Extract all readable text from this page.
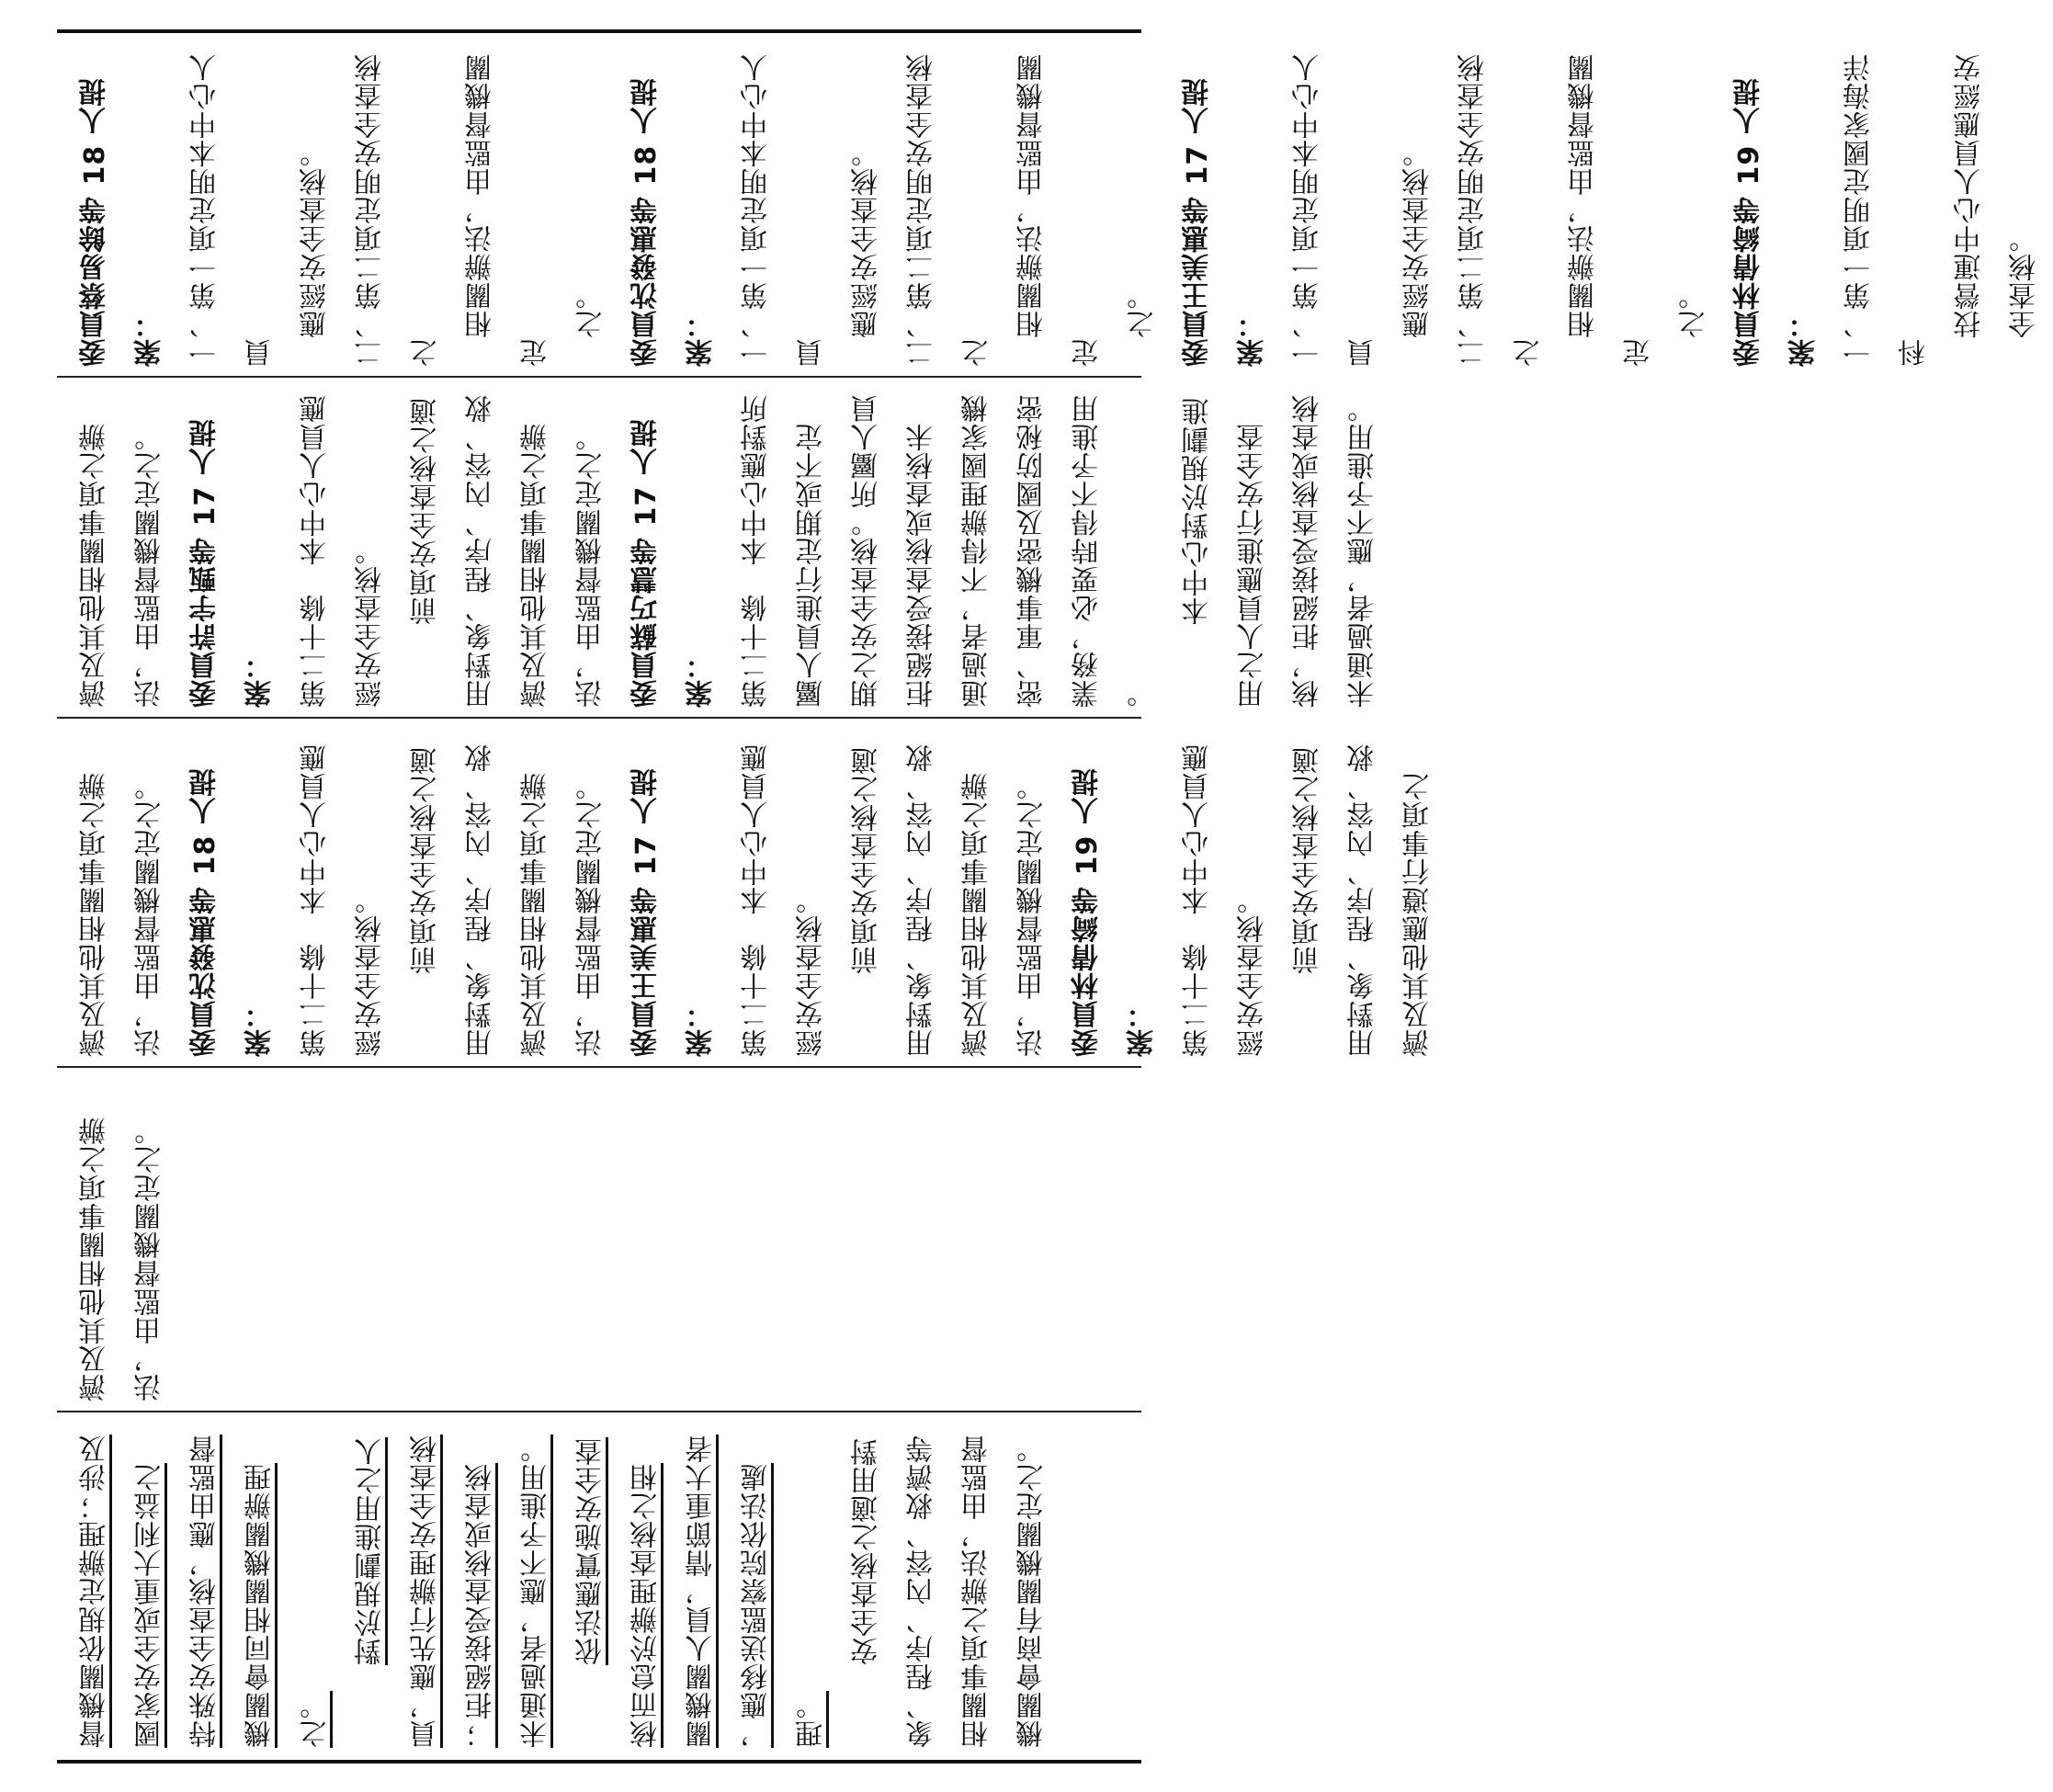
委員蔡易餘等 18 人提案： 一、第一項定明本中心人員 　應經安全查核。 二、第二項定明安全查核之 　相關辦法，由監督機關定 　之。 委員沈發惠等 18 人提案： 一、第一項定明本中心人員 　應經安全查核。 二、第二項定明安全查核之 　相關辦法，由監督機關定 　之。 委員王美惠等 17 人提案： 一、第一項定明本中心人員 　應經安全查核。 二、第二項定明安全查核之 　相關辦法，由監督機關定 　之。 委員林倩綺等 19 人提案： 一、第一項明定國家海洋科 　技營運中心人員應經安 　全查核。
濟及其他相關事項之辦 法，由監督機關定之。 委員許宇甄等 17 人提案： 第二十條　本中心人員應 經安全查核。 前項安全查核之適 用對象、程序、內容、救 濟及其他相關事項之辦 法，由監督機關定之。 委員蘇巧慧等 17 人提案： 第二十條　本中心應對所 屬人員進行定期或不定 期之安全查核。所屬人員 拒絕接受查核或查核未 通過者，不得辦理國家機 密、軍事機密及國防秘密 業務，必要時得不予進用 。
本中心對於規劃進 用之人員應進行安全查 核，拒絕接受查核或查核 未通過者，應不予進用。
濟及其他相關事項之辦 法，由監督機關定之。 委員沈發惠等 18 人提案： 第二十條　本中心人員應 經安全查核。 前項安全查核之適 用對象、程序、內容、救 濟及其他相關事項之辦 法，由監督機關定之。 委員王美惠等 17 人提案： 第二十條　本中心人員應 經安全查核。 前項安全查核之適 用對象、程序、內容、救 濟及其他相關事項之辦 法，由監督機關定之。 委員林倩綺等 19 人提案： 第二十條　本中心人員應 經安全查核。 前項安全查核之適 用對象、程序、內容、救 濟及其他應遵行事項之
濟及其他相關事項之辦 法，由監督機關定之。
督機關依規定辦理；涉及 國家安全或重大利益之 特殊安全查核，應由監督 機關會同相關機關辦理 之。
對於規劃進用之人 員，應先行辦理安全查核 ；拒絕接受查核或查核 未通過者，應不予進用。 依法應實施安全查 核而怠於辦理查核之相 關機關人員，情節重大者 ，應移送監察院依法處 理。
安全查核之適用對 象、程序、內容、救濟等 相關事項之辦法，由監督 機關會商有關機關定之。
